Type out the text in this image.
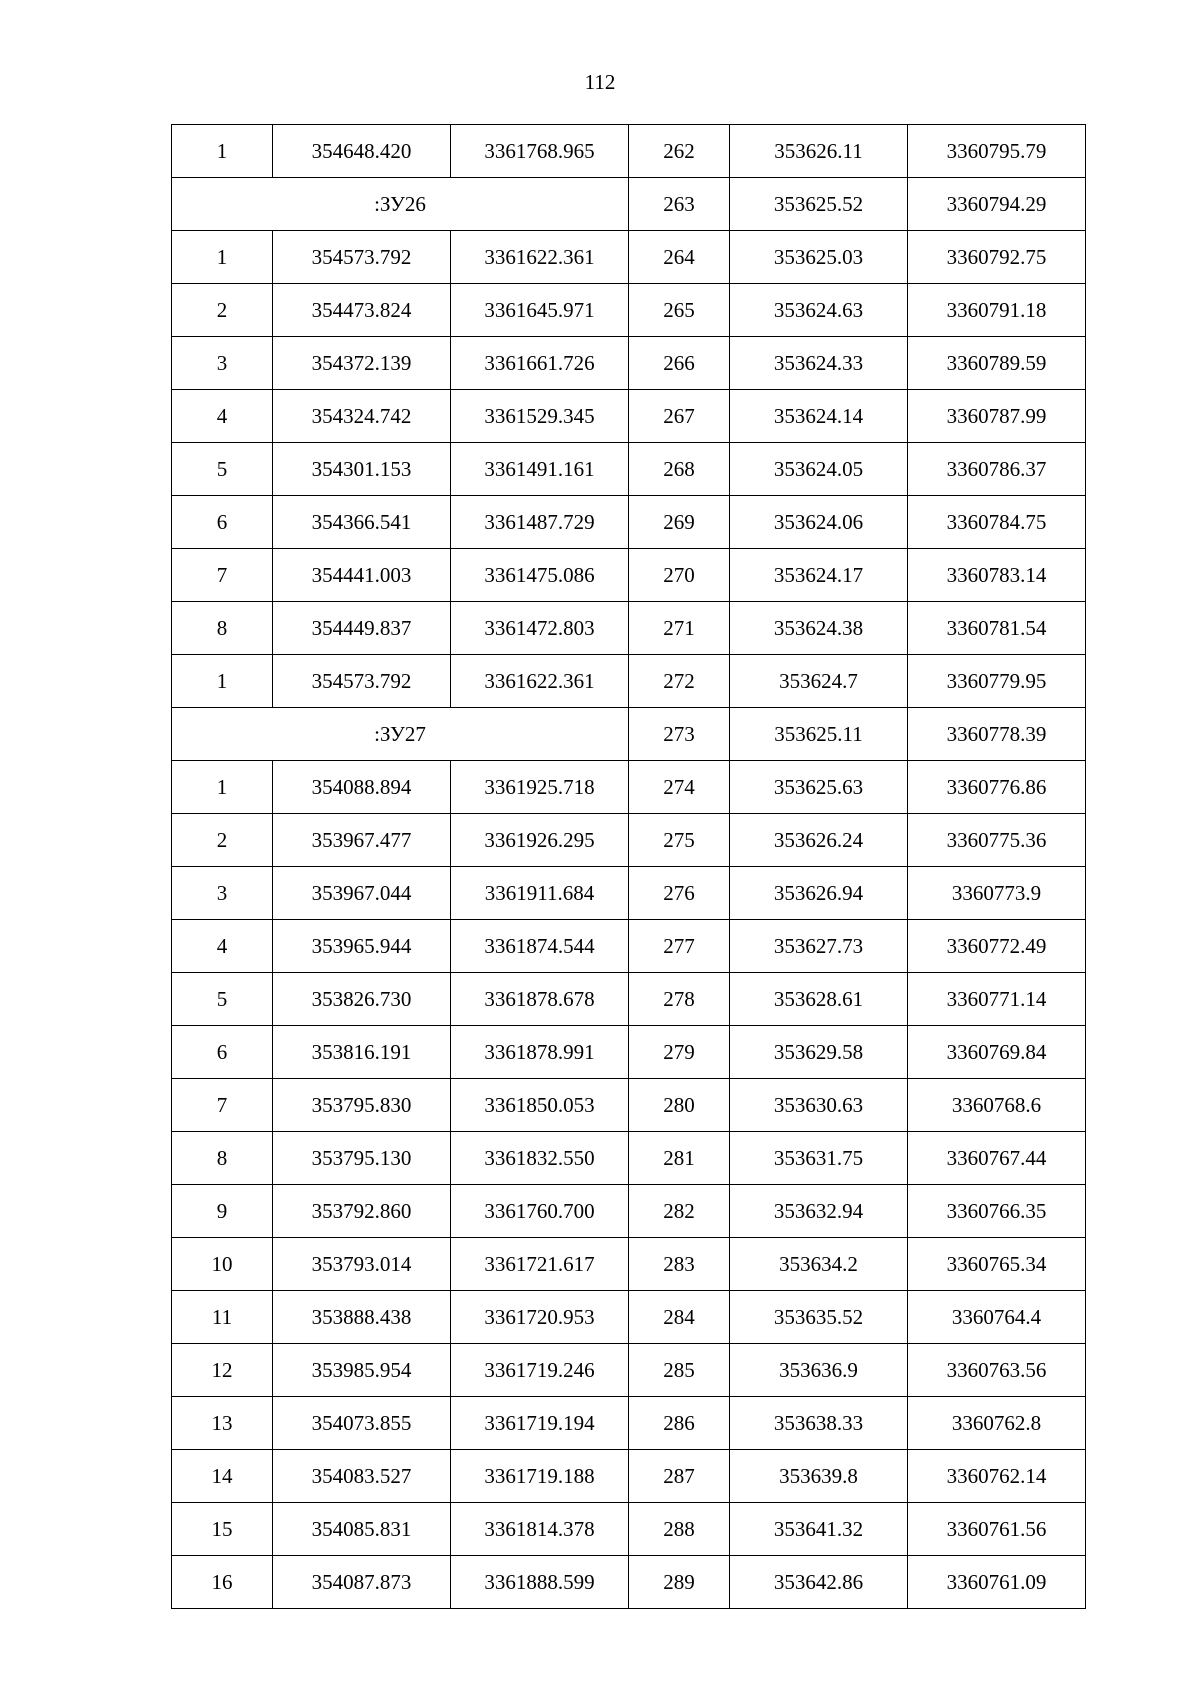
112
1	354648.420	3361768.965	262	353626.11	3360795.79
:ЗУ26			263	353625.52	3360794.29
1	354573.792	3361622.361	264	353625.03	3360792.75
2	354473.824	3361645.971	265	353624.63	3360791.18
3	354372.139	3361661.726	266	353624.33	3360789.59
4	354324.742	3361529.345	267	353624.14	3360787.99
5	354301.153	3361491.161	268	353624.05	3360786.37
6	354366.541	3361487.729	269	353624.06	3360784.75
7	354441.003	3361475.086	270	353624.17	3360783.14
8	354449.837	3361472.803	271	353624.38	3360781.54
1	354573.792	3361622.361	272	353624.7	3360779.95
:ЗУ27			273	353625.11	3360778.39
1	354088.894	3361925.718	274	353625.63	3360776.86
2	353967.477	3361926.295	275	353626.24	3360775.36
3	353967.044	3361911.684	276	353626.94	3360773.9
4	353965.944	3361874.544	277	353627.73	3360772.49
5	353826.730	3361878.678	278	353628.61	3360771.14
6	353816.191	3361878.991	279	353629.58	3360769.84
7	353795.830	3361850.053	280	353630.63	3360768.6
8	353795.130	3361832.550	281	353631.75	3360767.44
9	353792.860	3361760.700	282	353632.94	3360766.35
10	353793.014	3361721.617	283	353634.2	3360765.34
11	353888.438	3361720.953	284	353635.52	3360764.4
12	353985.954	3361719.246	285	353636.9	3360763.56
13	354073.855	3361719.194	286	353638.33	3360762.8
14	354083.527	3361719.188	287	353639.8	3360762.14
15	354085.831	3361814.378	288	353641.32	3360761.56
16	354087.873	3361888.599	289	353642.86	3360761.09
